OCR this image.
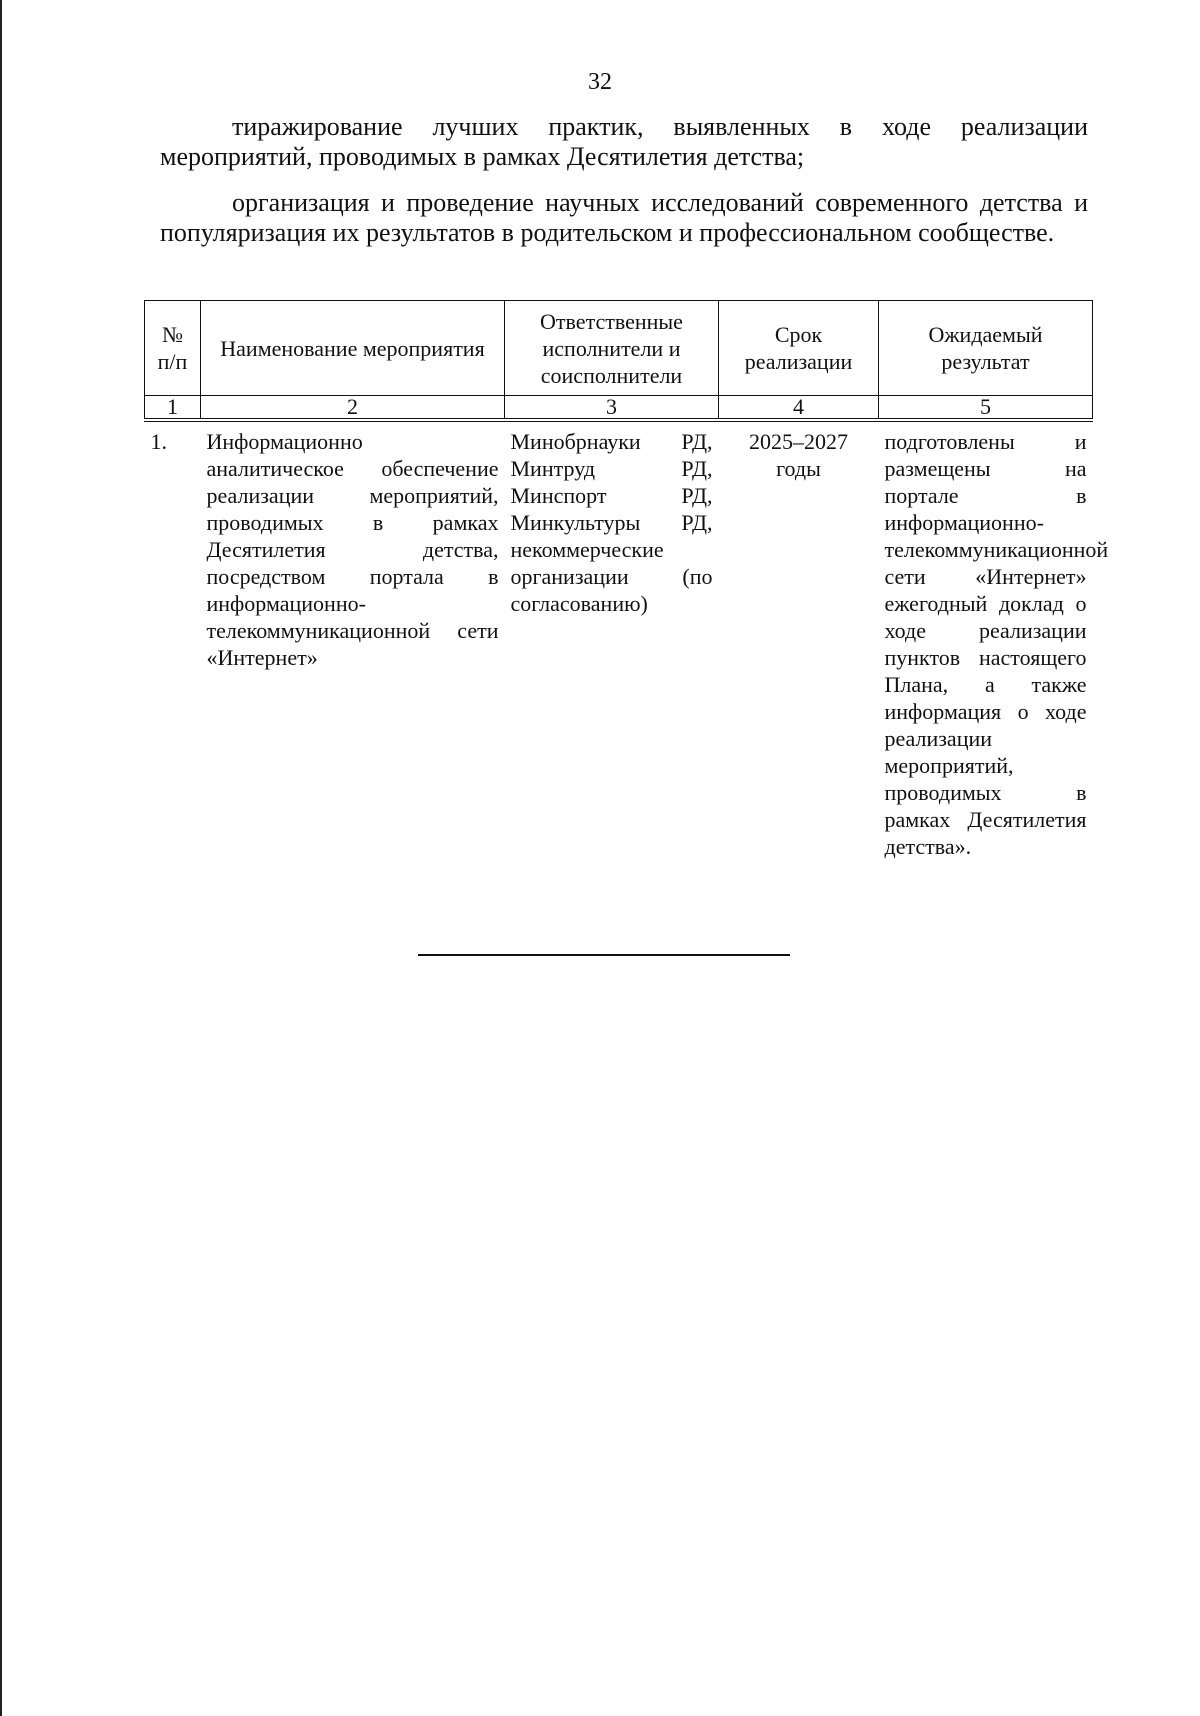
32

тиражирование лучших практик, выявленных в ходе реализации мероприятий, проводимых в рамках Десятилетия детства;

организация и проведение научных исследований современного детства и популяризация их результатов в родительском и профессиональном сообществе.

№ п/п	Наименование мероприятия	Ответственные исполнители и соисполнители	Срок реализации	Ожидаемый результат
1	2	3	4	5
1.	Информационно аналитическое обеспечение реализации мероприятий, проводимых в рамках Десятилетия детства, посредством портала в информационно-телекоммуникационной сети «Интернет»	Минобрнауки РД, Минтруд РД, Минспорт РД, Минкультуры РД, некоммерческие организации (по согласованию)	2025–2027 годы	подготовлены и размещены на портале в информационно-телекоммуникационной сети «Интернет» ежегодный доклад о ходе реализации пунктов настоящего Плана, а также информация о ходе реализации мероприятий, проводимых в рамках Десятилетия детства».
